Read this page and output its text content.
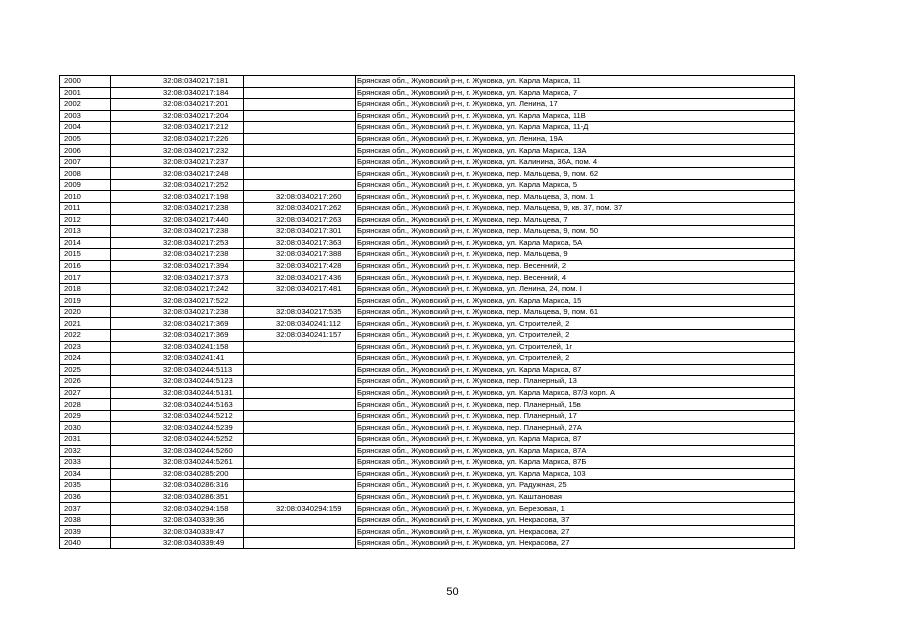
2000	32:08:0340217:181		Брянская обл., Жуковский р-н, г. Жуковка, ул. Карла Маркса, 11
2001	32:08:0340217:184		Брянская обл., Жуковский р-н, г. Жуковка, ул. Карла Маркса, 7
2002	32:08:0340217:201		Брянская обл., Жуковский р-н, г. Жуковка, ул. Ленина, 17
2003	32:08:0340217:204		Брянская обл., Жуковский р-н, г. Жуковка, ул. Карла Маркса, 11В
2004	32:08:0340217:212		Брянская обл., Жуковский р-н, г. Жуковка, ул. Карла Маркса, 11-Д
2005	32:08:0340217:226		Брянская обл., Жуковский р-н, г. Жуковка, ул. Ленина, 19А
2006	32:08:0340217:232		Брянская обл., Жуковский р-н, г. Жуковка, ул. Карла Маркса, 13А
2007	32:08:0340217:237		Брянская обл., Жуковский р-н, г. Жуковка, ул. Калинина, 36А, пом. 4
2008	32:08:0340217:248		Брянская обл., Жуковский р-н, г. Жуковка, пер. Мальцева, 9, пом. 62
2009	32:08:0340217:252		Брянская обл., Жуковский р-н, г. Жуковка, ул. Карла Маркса, 5
2010	32:08:0340217:198	32:08:0340217:260	Брянская обл., Жуковский р-н, г. Жуковка, пер. Мальцева, 3, пом. 1
2011	32:08:0340217:238	32:08:0340217:262	Брянская обл., Жуковский р-н, г. Жуковка, пер. Мальцева, 9, кв. 37, пом. 37
2012	32:08:0340217:440	32:08:0340217:263	Брянская обл., Жуковский р-н, г. Жуковка, пер. Мальцева, 7
2013	32:08:0340217:238	32:08:0340217:301	Брянская обл., Жуковский р-н, г. Жуковка, пер. Мальцева, 9, пом. 50
2014	32:08:0340217:253	32:08:0340217:363	Брянская обл., Жуковский р-н, г. Жуковка, ул. Карла Маркса, 5А
2015	32:08:0340217:238	32:08:0340217:388	Брянская обл., Жуковский р-н, г. Жуковка, пер. Мальцева, 9
2016	32:08:0340217:394	32:08:0340217:428	Брянская обл., Жуковский р-н, г. Жуковка, пер. Весенний, 2
2017	32:08:0340217:373	32:08:0340217:436	Брянская обл., Жуковский р-н, г. Жуковка, пер. Весенний, 4
2018	32:08:0340217:242	32:08:0340217:481	Брянская обл., Жуковский р-н, г. Жуковка, ул. Ленина, 24, пом. I
2019	32:08:0340217:522		Брянская обл., Жуковский р-н, г. Жуковка, ул. Карла Маркса, 15
2020	32:08:0340217:238	32:08:0340217:535	Брянская обл., Жуковский р-н, г. Жуковка, пер. Мальцева, 9, пом. 61
2021	32:08:0340217:369	32:08:0340241:112	Брянская обл., Жуковский р-н, г. Жуковка, ул. Строителей, 2
2022	32:08:0340217:369	32:08:0340241:157	Брянская обл., Жуковский р-н, г. Жуковка, ул. Строителей, 2
2023	32:08:0340241:158		Брянская обл., Жуковский р-н, г. Жуковка, ул. Строителей, 1г
2024	32:08:0340241:41		Брянская обл., Жуковский р-н, г. Жуковка, ул. Строителей, 2
2025	32:08:0340244:5113		Брянская обл., Жуковский р-н, г. Жуковка, ул. Карла Маркса, 87
2026	32:08:0340244:5123		Брянская обл., Жуковский р-н, г. Жуковка, пер. Планерный, 13
2027	32:08:0340244:5131		Брянская обл., Жуковский р-н, г. Жуковка, ул. Карла Маркса, 87/3 корп. А
2028	32:08:0340244:5163		Брянская обл., Жуковский р-н, г. Жуковка, пер. Планерный, 15в
2029	32:08:0340244:5212		Брянская обл., Жуковский р-н, г. Жуковка, пер. Планерный, 17
2030	32:08:0340244:5239		Брянская обл., Жуковский р-н, г. Жуковка, пер. Планерный, 27А
2031	32:08:0340244:5252		Брянская обл., Жуковский р-н, г. Жуковка, ул. Карла Маркса, 87
2032	32:08:0340244:5260		Брянская обл., Жуковский р-н, г. Жуковка, ул. Карла Маркса, 87А
2033	32:08:0340244:5261		Брянская обл., Жуковский р-н, г. Жуковка, ул. Карла Маркса, 87Б
2034	32:08:0340285:200		Брянская обл., Жуковский р-н, г. Жуковка, ул. Карла Маркса, 103
2035	32:08:0340286:316		Брянская обл., Жуковский р-н, г. Жуковка, ул. Радужная, 25
2036	32:08:0340286:351		Брянская обл., Жуковский р-н, г. Жуковка, ул. Каштановая
2037	32:08:0340294:158	32:08:0340294:159	Брянская обл., Жуковский р-н, г. Жуковка, ул. Березовая, 1
2038	32:08:0340339:36		Брянская обл., Жуковский р-н, г. Жуковка, ул. Некрасова, 37
2039	32:08:0340339:47		Брянская обл., Жуковский р-н, г. Жуковка, ул. Некрасова, 27
2040	32:08:0340339:49		Брянская обл., Жуковский р-н, г. Жуковка, ул. Некрасова, 27
50
